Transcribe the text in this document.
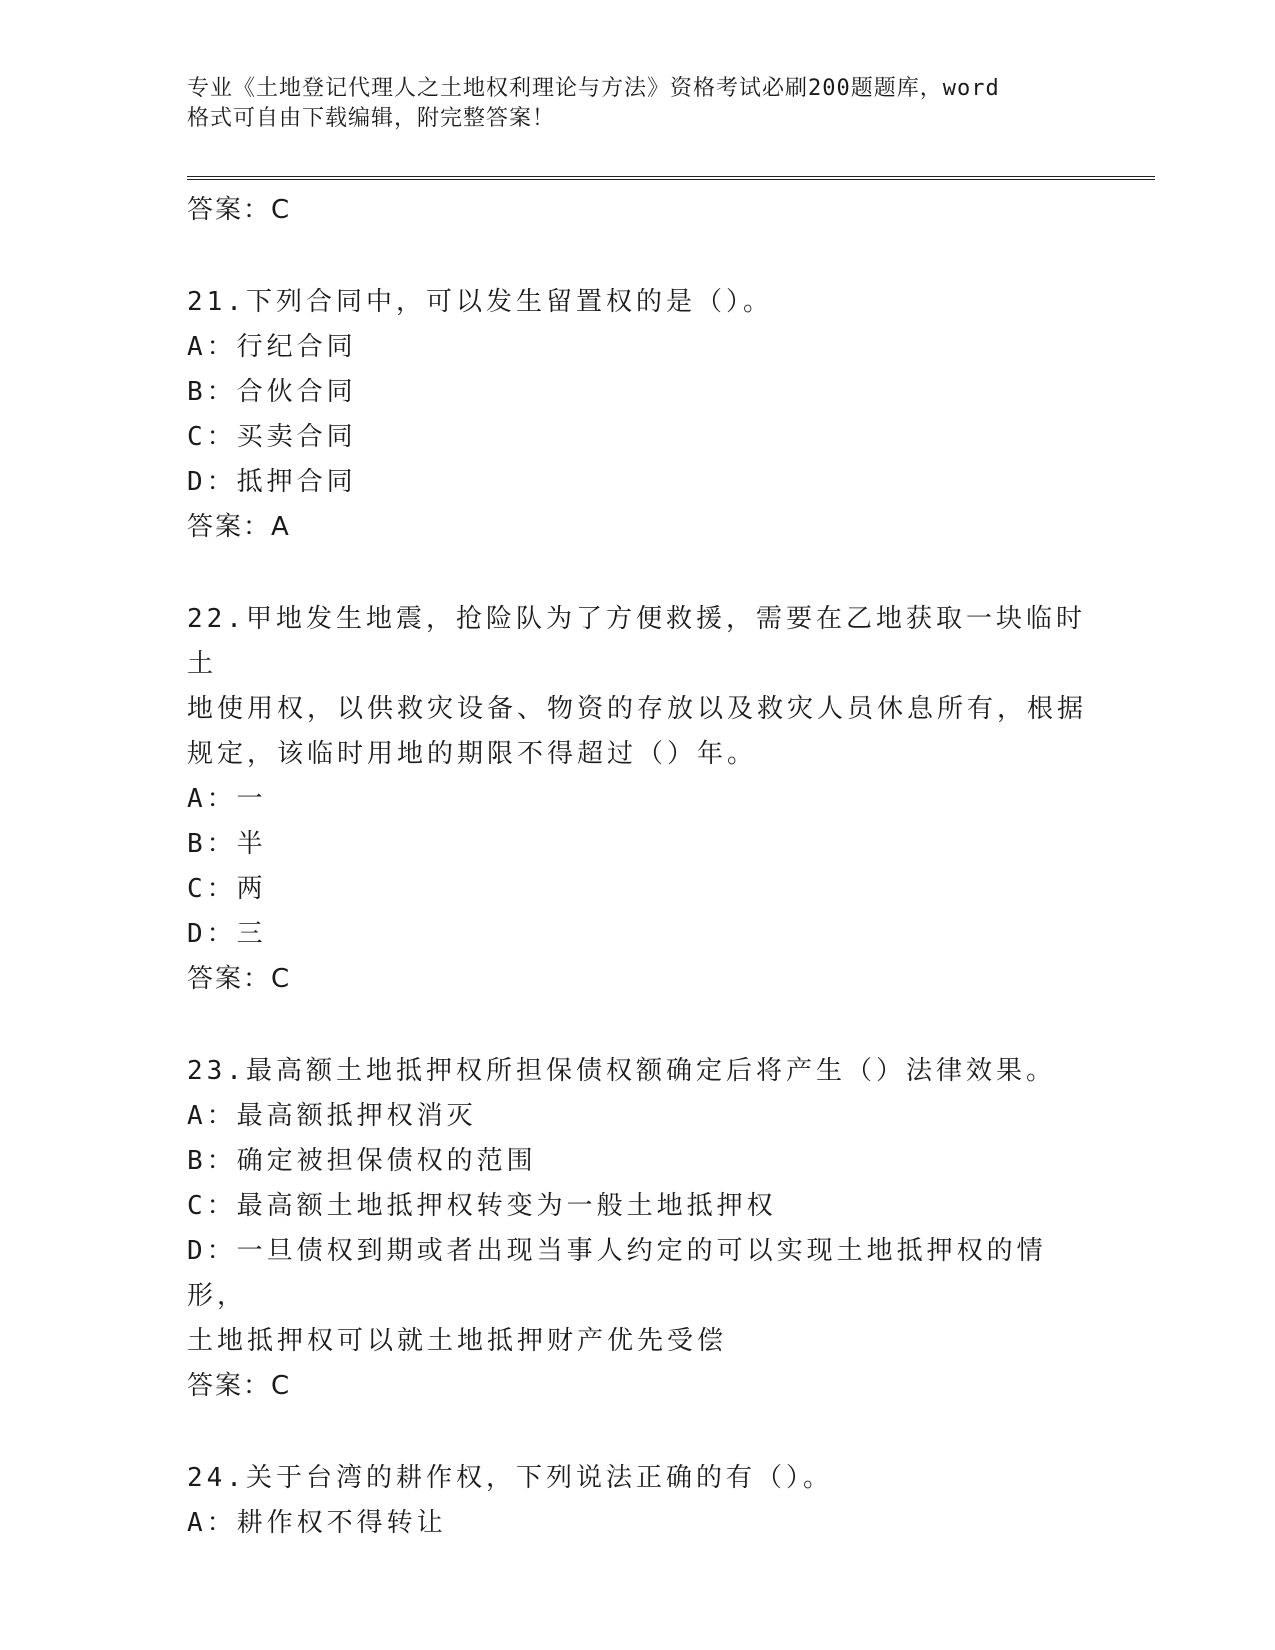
专业《土地登记代理人之土地权利理论与方法》资格考试必刷200题题库，word
格式可自由下载编辑，附完整答案！
答案：C
21.下列合同中，可以发生留置权的是（）。
A：行纪合同
B：合伙合同
C：买卖合同
D：抵押合同
答案：A
22.甲地发生地震，抢险队为了方便救援，需要在乙地获取一块临时土
地使用权，以供救灾设备、物资的存放以及救灾人员休息所有，根据
规定，该临时用地的期限不得超过（）年。
A：一
B：半
C：两
D：三
答案：C
23.最高额土地抵押权所担保债权额确定后将产生（）法律效果。
A：最高额抵押权消灭
B：确定被担保债权的范围
C：最高额土地抵押权转变为一般土地抵押权
D：一旦债权到期或者出现当事人约定的可以实现土地抵押权的情形，
土地抵押权可以就土地抵押财产优先受偿
答案：C
24.关于台湾的耕作权，下列说法正确的有（）。
A：耕作权不得转让
